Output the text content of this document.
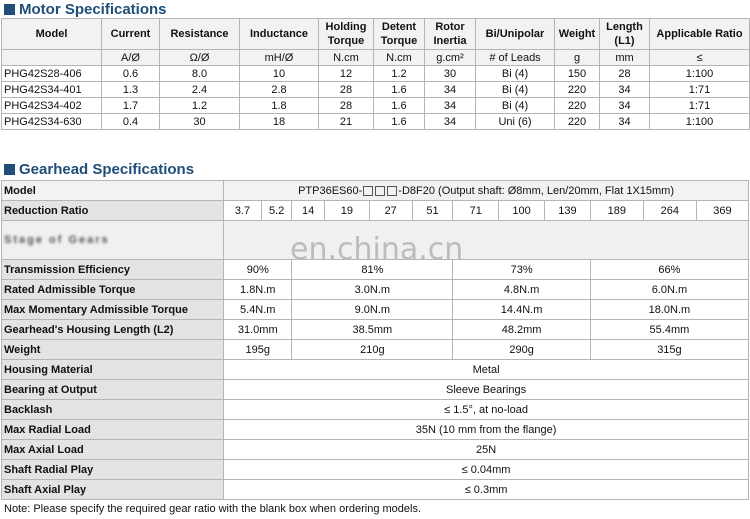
Motor Specifications
Model	Current	Resistance	Inductance	Holding Torque	Detent Torque	Rotor Inertia	Bi/Unipolar	Weight	Length (L1)	Applicable Ratio
	A/Ø	Ω/Ø	mH/Ø	N.cm	N.cm	g.cm²	# of Leads	g	mm	≤
PHG42S28-406	0.6	8.0	10	12	1.2	30	Bi (4)	150	28	1:100
PHG42S34-401	1.3	2.4	2.8	28	1.6	34	Bi (4)	220	34	1:71
PHG42S34-402	1.7	1.2	1.8	28	1.6	34	Bi (4)	220	34	1:71
PHG42S34-630	0.4	30	18	21	1.6	34	Uni (6)	220	34	1:100
Gearhead Specifications
Model	PTP36ES60- -D8F20 (Output shaft: Ø8mm, Len/20mm, Flat 1X15mm)											
Reduction Ratio	3.7	5.2	14	19	27	51	71	100	139	189	264	369
Stage of Gears												
Transmission Efficiency	90%		81%				73%			66%		
Rated Admissible Torque	1.8N.m		3.0N.m				4.8N.m			6.0N.m		
Max Momentary Admissible Torque	5.4N.m		9.0N.m				14.4N.m			18.0N.m		
Gearhead's Housing Length (L2)	31.0mm		38.5mm				48.2mm			55.4mm		
Weight	195g		210g				290g			315g		
Housing Material	Metal											
Bearing at Output	Sleeve Bearings											
Backlash	≤ 1.5°, at no-load											
Max Radial Load	35N (10 mm from the flange)											
Max Axial Load	25N											
Shaft Radial Play	≤ 0.04mm											
Shaft Axial Play	≤ 0.3mm											
en.china.cn
Note: Please specify the required gear ratio with the blank box when ordering models.
